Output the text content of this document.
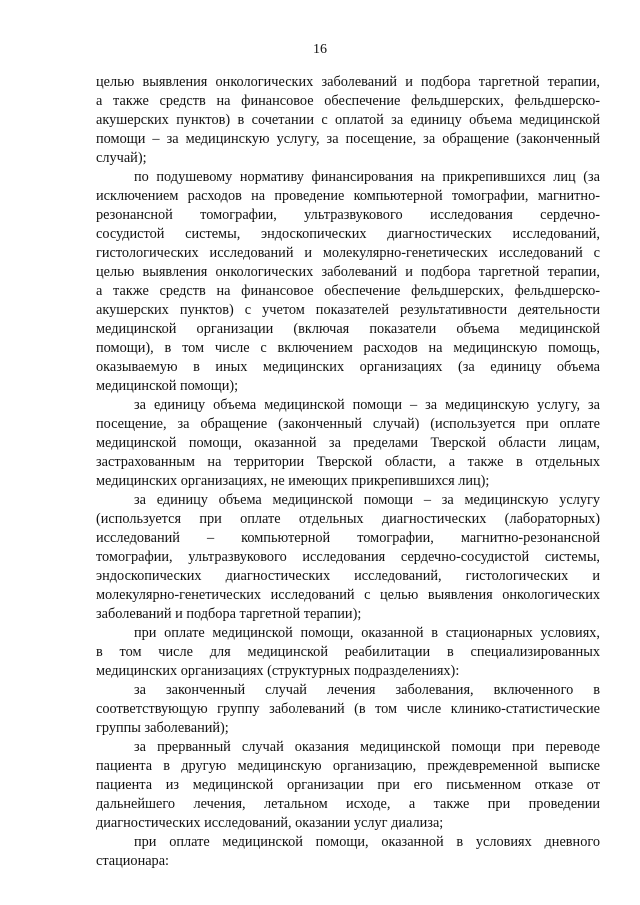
16
целью выявления онкологических заболеваний и подбора таргетной терапии,
а также средств на финансовое обеспечение фельдшерских, фельдшерско-
акушерских пунктов) в сочетании с оплатой за единицу объема медицинской
помощи – за медицинскую услугу, за посещение, за обращение (законченный
случай);
по подушевому нормативу финансирования на прикрепившихся лиц (за
исключением расходов на проведение компьютерной томографии, магнитно-
резонансной томографии, ультразвукового исследования сердечно-
сосудистой системы, эндоскопических диагностических исследований,
гистологических исследований и молекулярно-генетических исследований с
целью выявления онкологических заболеваний и подбора таргетной терапии,
а также средств на финансовое обеспечение фельдшерских, фельдшерско-
акушерских пунктов) с учетом показателей результативности деятельности
медицинской организации (включая показатели объема медицинской
помощи), в том числе с включением расходов на медицинскую помощь,
оказываемую в иных медицинских организациях (за единицу объема
медицинской помощи);
за единицу объема медицинской помощи – за медицинскую услугу, за
посещение, за обращение (законченный случай) (используется при оплате
медицинской помощи, оказанной за пределами Тверской области лицам,
застрахованным на территории Тверской области, а также в отдельных
медицинских организациях, не имеющих прикрепившихся лиц);
за единицу объема медицинской помощи – за медицинскую услугу
(используется при оплате отдельных диагностических (лабораторных)
исследований – компьютерной томографии, магнитно-резонансной
томографии, ультразвукового исследования сердечно-сосудистой системы,
эндоскопических диагностических исследований, гистологических и
молекулярно-генетических исследований с целью выявления онкологических
заболеваний и подбора таргетной терапии);
при оплате медицинской помощи, оказанной в стационарных условиях,
в том числе для медицинской реабилитации в специализированных
медицинских организациях (структурных подразделениях):
за законченный случай лечения заболевания, включенного в
соответствующую группу заболеваний (в том числе клинико-статистические
группы заболеваний);
за прерванный случай оказания медицинской помощи при переводе
пациента в другую медицинскую организацию, преждевременной выписке
пациента из медицинской организации при его письменном отказе от
дальнейшего лечения, летальном исходе, а также при проведении
диагностических исследований, оказании услуг диализа;
при оплате медицинской помощи, оказанной в условиях дневного
стационара:
